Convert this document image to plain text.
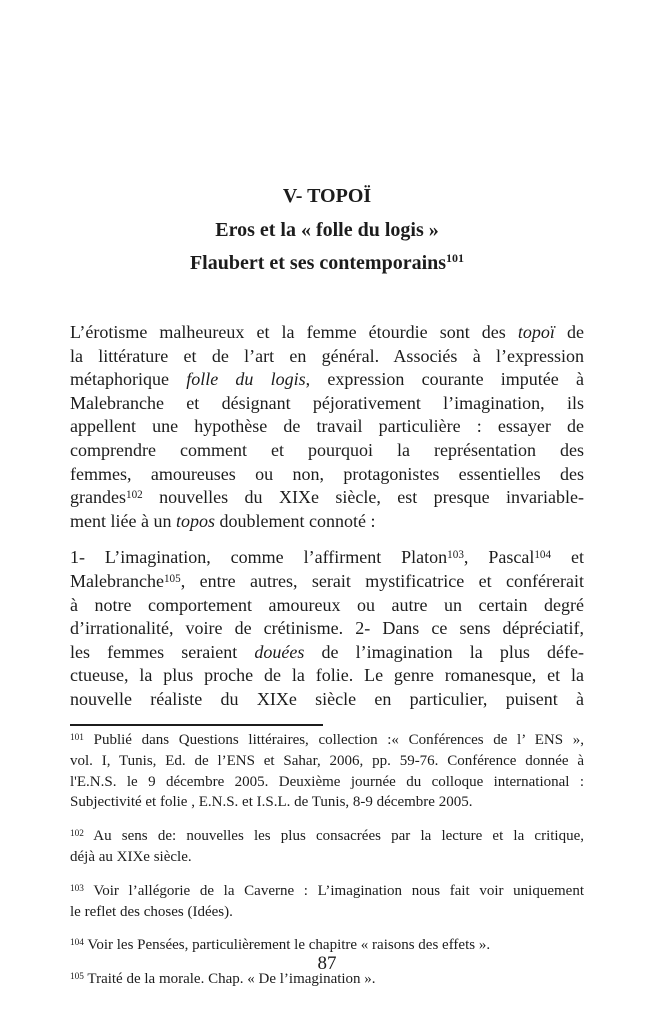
V- TOPOÏ
Eros et la « folle du logis »
Flaubert et ses contemporains$^{101}$
L’érotisme malheureux et la femme étourdie sont des topoï de
la littérature et de l’art en général. Associés à l’expression
métaphorique folle du logis, expression courante imputée à
Malebranche et désignant péjorativement l’imagination, ils
appellent une hypothèse de travail particulière : essayer de
comprendre comment et pourquoi la représentation des
femmes, amoureuses ou non, protagonistes essentielles des
grandes$^{102}$ nouvelles du XIXe siècle, est presque invariable-
ment liée à un topos doublement connoté :
1- L’imagination, comme l’affirment Platon$^{103}$, Pascal$^{104}$ et
Malebranche$^{105}$, entre autres, serait mystificatrice et conférerait
à notre comportement amoureux ou autre un certain degré
d’irrationalité, voire de crétinisme. 2- Dans ce sens dépréciatif,
les femmes seraient douées de l’imagination la plus défe-
ctueuse, la plus proche de la folie. Le genre romanesque, et la
nouvelle réaliste du XIXe siècle en particulier, puisent à
$^{101}$ Publié dans Questions littéraires, collection :« Conférences de l’ ENS »,
vol. I, Tunis, Ed. de l’ENS et Sahar, 2006, pp. 59-76. Conférence donnée à
l'E.N.S. le 9 décembre 2005. Deuxième journée du colloque international :
Subjectivité et folie , E.N.S. et I.S.L. de Tunis, 8-9 décembre 2005.
$^{102}$ Au sens de: nouvelles les plus consacrées par la lecture et la critique,
déjà au XIXe siècle.
$^{103}$ Voir l’allégorie de la Caverne : L’imagination nous fait voir uniquement
le reflet des choses (Idées).
$^{104}$ Voir les Pensées, particulièrement le chapitre « raisons des effets ».
$^{105}$ Traité de la morale. Chap. « De l’imagination ».
87
